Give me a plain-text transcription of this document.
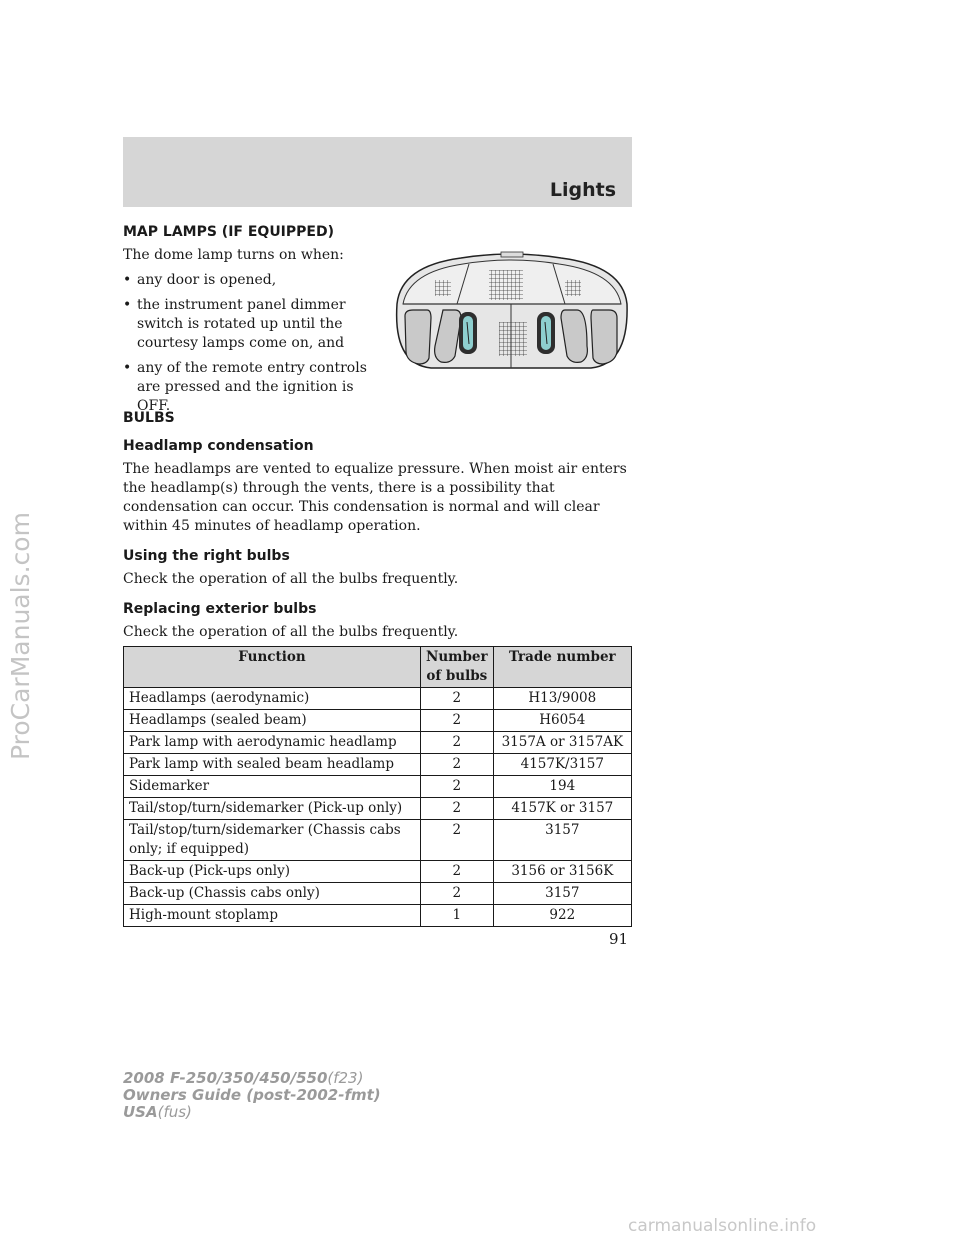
Lights
ProCarManuals.com
MAP LAMPS (IF EQUIPPED)

The dome lamp turns on when:

• any door is opened,
• the instrument panel dimmer switch is rotated up until the courtesy lamps come on, and
• any of the remote entry controls are pressed and the ignition is OFF.
BULBS
Headlamp condensation

The headlamps are vented to equalize pressure. When moist air enters the headlamp(s) through the vents, there is a possibility that condensation can occur. This condensation is normal and will clear within 45 minutes of headlamp operation.

Using the right bulbs

Check the operation of all the bulbs frequently.

Replacing exterior bulbs

Check the operation of all the bulbs frequently.

Function	Number of bulbs	Trade number
Headlamps (aerodynamic)	2	H13/9008
Headlamps (sealed beam)	2	H6054
Park lamp with aerodynamic headlamp	2	3157A or 3157AK
Park lamp with sealed beam headlamp	2	4157K/3157
Sidemarker	2	194
Tail/stop/turn/sidemarker (Pick-up only)	2	4157K or 3157
Tail/stop/turn/sidemarker (Chassis cabs only; if equipped)	2	3157
Back-up (Pick-ups only)	2	3156 or 3156K
Back-up (Chassis cabs only)	2	3157
High-mount stoplamp	1	922
91
2008 F-250/350/450/550(f23)
Owners Guide (post-2002-fmt)
USA(fus)
carmanualsonline.info
